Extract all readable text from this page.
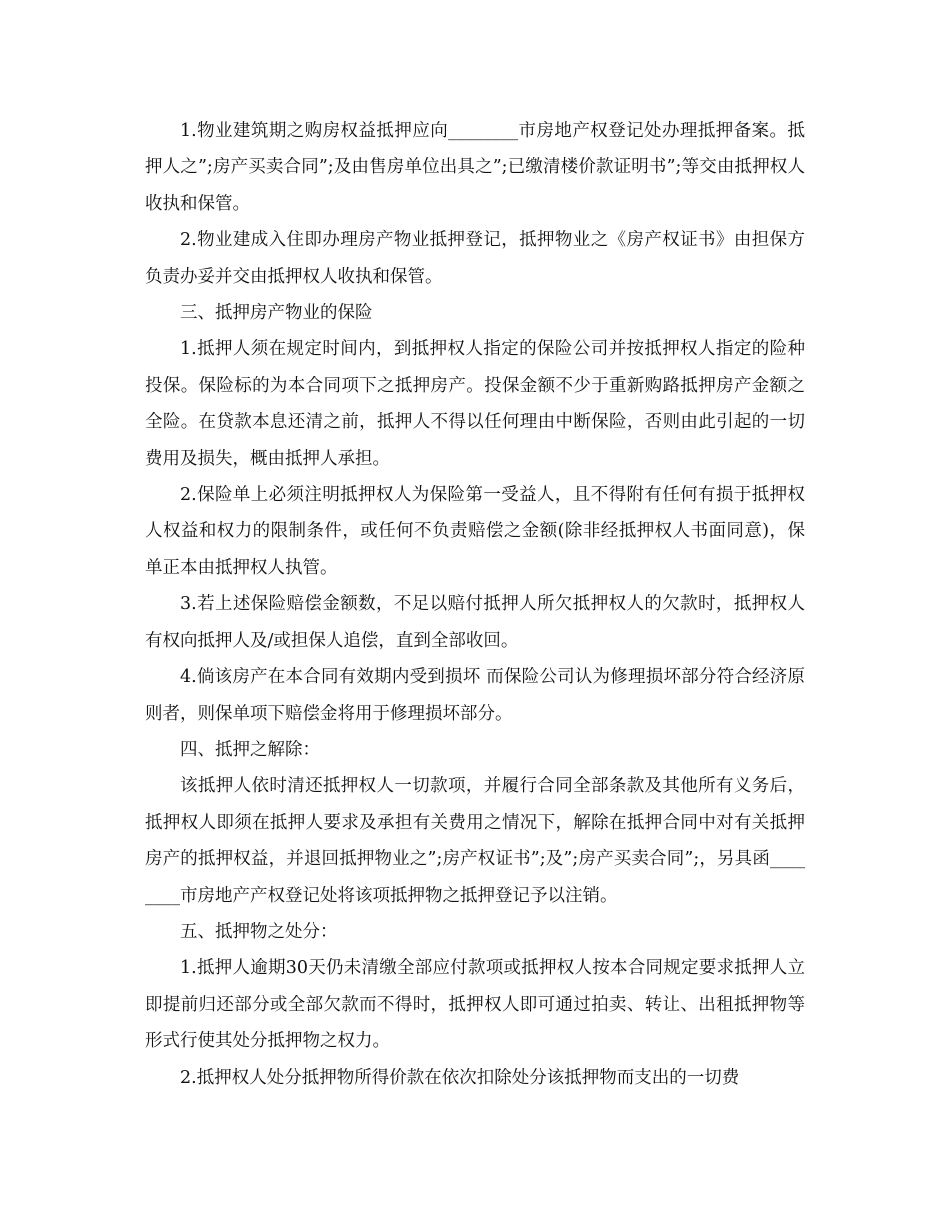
1.物业建筑期之购房权益抵押应向________市房地产权登记处办理抵押备案。抵押人之”;房产买卖合同”;及由售房单位出具之”;已缴清楼价款证明书”;等交由抵押权人收执和保管。

2.物业建成入住即办理房产物业抵押登记，抵押物业之《房产权证书》由担保方负责办妥并交由抵押权人收执和保管。

三、抵押房产物业的保险

1.抵押人须在规定时间内，到抵押权人指定的保险公司并按抵押权人指定的险种投保。保险标的为本合同项下之抵押房产。投保金额不少于重新购路抵押房产金额之全险。在贷款本息还清之前，抵押人不得以任何理由中断保险，否则由此引起的一切费用及损失，概由抵押人承担。

2.保险单上必须注明抵押权人为保险第一受益人，且不得附有任何有损于抵押权人权益和权力的限制条件，或任何不负责赔偿之金额(除非经抵押权人书面同意)，保单正本由抵押权人执管。

3.若上述保险赔偿金额数，不足以赔付抵押人所欠抵押权人的欠款时，抵押权人有权向抵押人及/或担保人追偿，直到全部收回。

4.倘该房产在本合同有效期内受到损坏 而保险公司认为修理损坏部分符合经济原则者，则保单项下赔偿金将用于修理损坏部分。

四、抵押之解除：

该抵押人依时清还抵押权人一切款项，并履行合同全部条款及其他所有义务后，抵押权人即须在抵押人要求及承担有关费用之情况下，解除在抵押合同中对有关抵押房产的抵押权益，并退回抵押物业之”;房产权证书”;及”;房产买卖合同”;，另具函________市房地产产权登记处将该项抵押物之抵押登记予以注销。

五、抵押物之处分：

1.抵押人逾期30天仍未清缴全部应付款项或抵押权人按本合同规定要求抵押人立即提前归还部分或全部欠款而不得时，抵押权人即可通过拍卖、转让、出租抵押物等形式行使其处分抵押物之权力。

2.抵押权人处分抵押物所得价款在依次扣除处分该抵押物而支出的一切费
